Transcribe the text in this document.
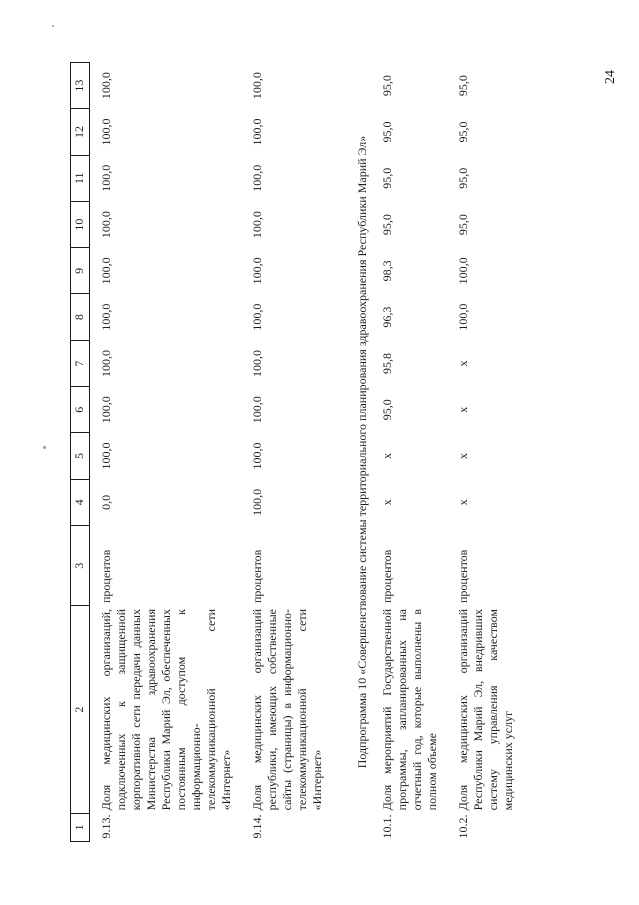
24
1	2	3	4	5	6	7	8	9	10	11	12	13
9.13.	Доля медицинских организаций, подключенных к защищенной корпоративной сети передачи данных Министерства здравоохранения Республики Марий Эл, обеспеченных постоянным доступом к информационно-телекоммуникационной сети «Интернет»	процентов	0,0	100,0	100,0	100,0	100,0	100,0	100,0	100,0	100,0	100,0
9.14.	Доля медицинских организаций республики, имеющих собственные сайты (страницы) в информационно-телекоммуникационной сети «Интернет»	процентов	100,0	100,0	100,0	100,0	100,0	100,0	100,0	100,0	100,0	100,0
Подпрограмма 10 «Совершенствование системы территориального планирования здравоохранения Республики Марий Эл»												
10.1.	Доля мероприятий Государственной программы, запланированных на отчетный год, которые выполнены в полном объеме	процентов	х	х	95,0	95,8	96,3	98,3	95,0	95,0	95,0	95,0
10.2.	Доля медицинских организаций Республики Марий Эл, внедривших систему управления качеством медицинских услуг	процентов	х	х	х	х	100,0	100,0	95,0	95,0	95,0	95,0
